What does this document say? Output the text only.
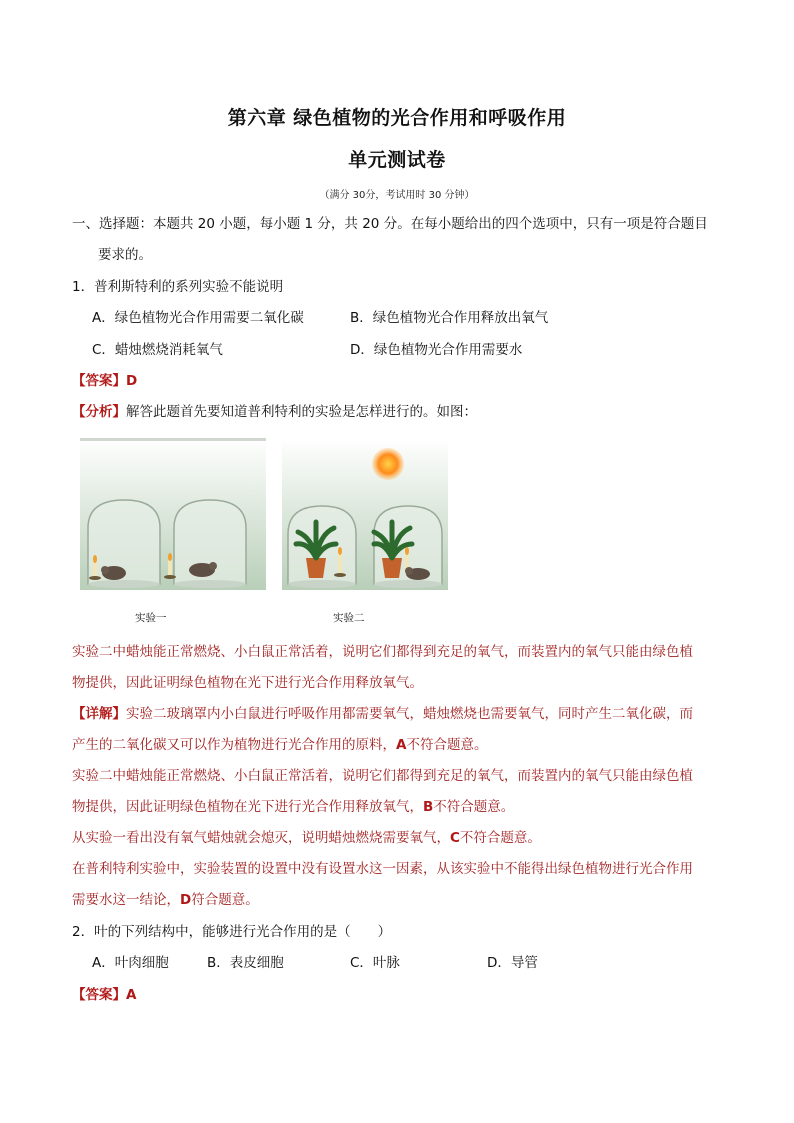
第六章 绿色植物的光合作用和呼吸作用
单元测试卷
（满分 30分，考试用时 30 分钟）
一、选择题：本题共 20 小题，每小题 1 分，共 20 分。在每小题给出的四个选项中，只有一项是符合题目
要求的。
1．普利斯特利的系列实验不能说明
A．绿色植物光合作用需要二氧化碳	B．绿色植物光合作用释放出氧气
C．蜡烛燃烧消耗氧气	D．绿色植物光合作用需要水
【答案】D
【分析】解答此题首先要知道普利特利的实验是怎样进行的。如图：
实验一	实验二
实验二中蜡烛能正常燃烧、小白鼠正常活着，说明它们都得到充足的氧气，而装置内的氧气只能由绿色植
物提供，因此证明绿色植物在光下进行光合作用释放氧气。
【详解】实验二玻璃罩内小白鼠进行呼吸作用都需要氧气，蜡烛燃烧也需要氧气，同时产生二氧化碳，而
产生的二氧化碳又可以作为植物进行光合作用的原料，A不符合题意。
实验二中蜡烛能正常燃烧、小白鼠正常活着，说明它们都得到充足的氧气，而装置内的氧气只能由绿色植
物提供，因此证明绿色植物在光下进行光合作用释放氧气，B不符合题意。
从实验一看出没有氧气蜡烛就会熄灭，说明蜡烛燃烧需要氧气，C不符合题意。
在普利特利实验中，实验装置的设置中没有设置水这一因素，从该实验中不能得出绿色植物进行光合作用
需要水这一结论，D符合题意。
2．叶的下列结构中，能够进行光合作用的是（　　）
A．叶肉细胞	B．表皮细胞	C．叶脉	D．导管
【答案】A
